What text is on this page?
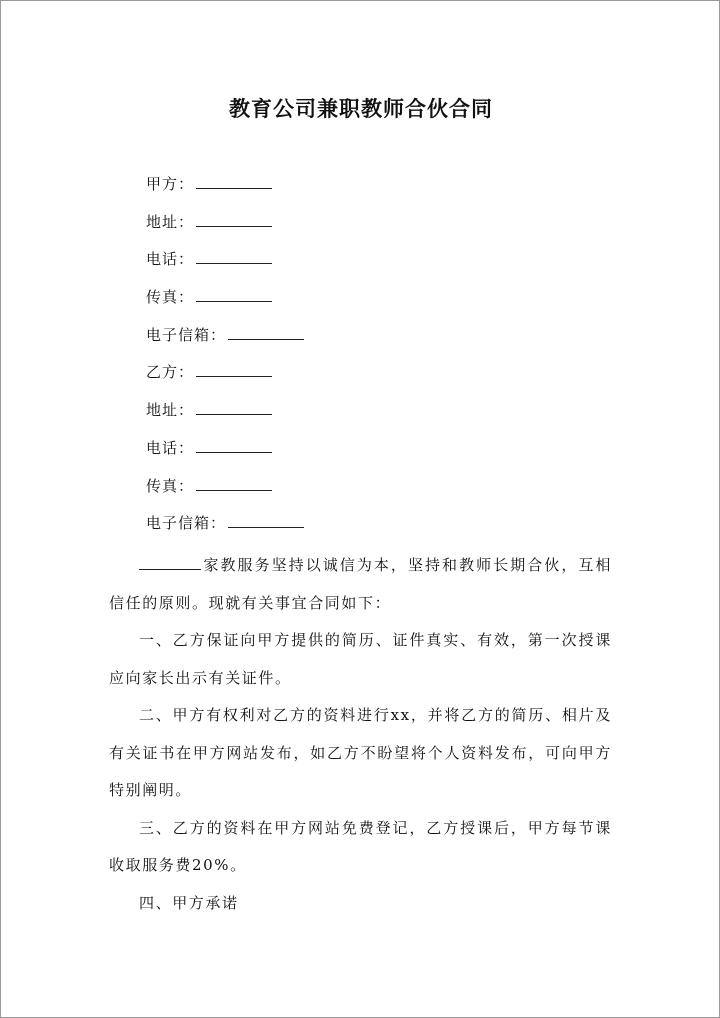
教育公司兼职教师合伙合同
甲方：
地址：
电话：
传真：
电子信箱：
乙方：
地址：
电话：
传真：
电子信箱：

家教服务坚持以诚信为本，坚持和教师长期合伙，互相信任的原则。现就有关事宜合同如下：

一、乙方保证向甲方提供的简历、证件真实、有效，第一次授课应向家长出示有关证件。

二、甲方有权利对乙方的资料进行xx，并将乙方的简历、相片及有关证书在甲方网站发布，如乙方不盼望将个人资料发布，可向甲方特别阐明。

三、乙方的资料在甲方网站免费登记，乙方授课后，甲方每节课收取服务费20%。

四、甲方承诺
